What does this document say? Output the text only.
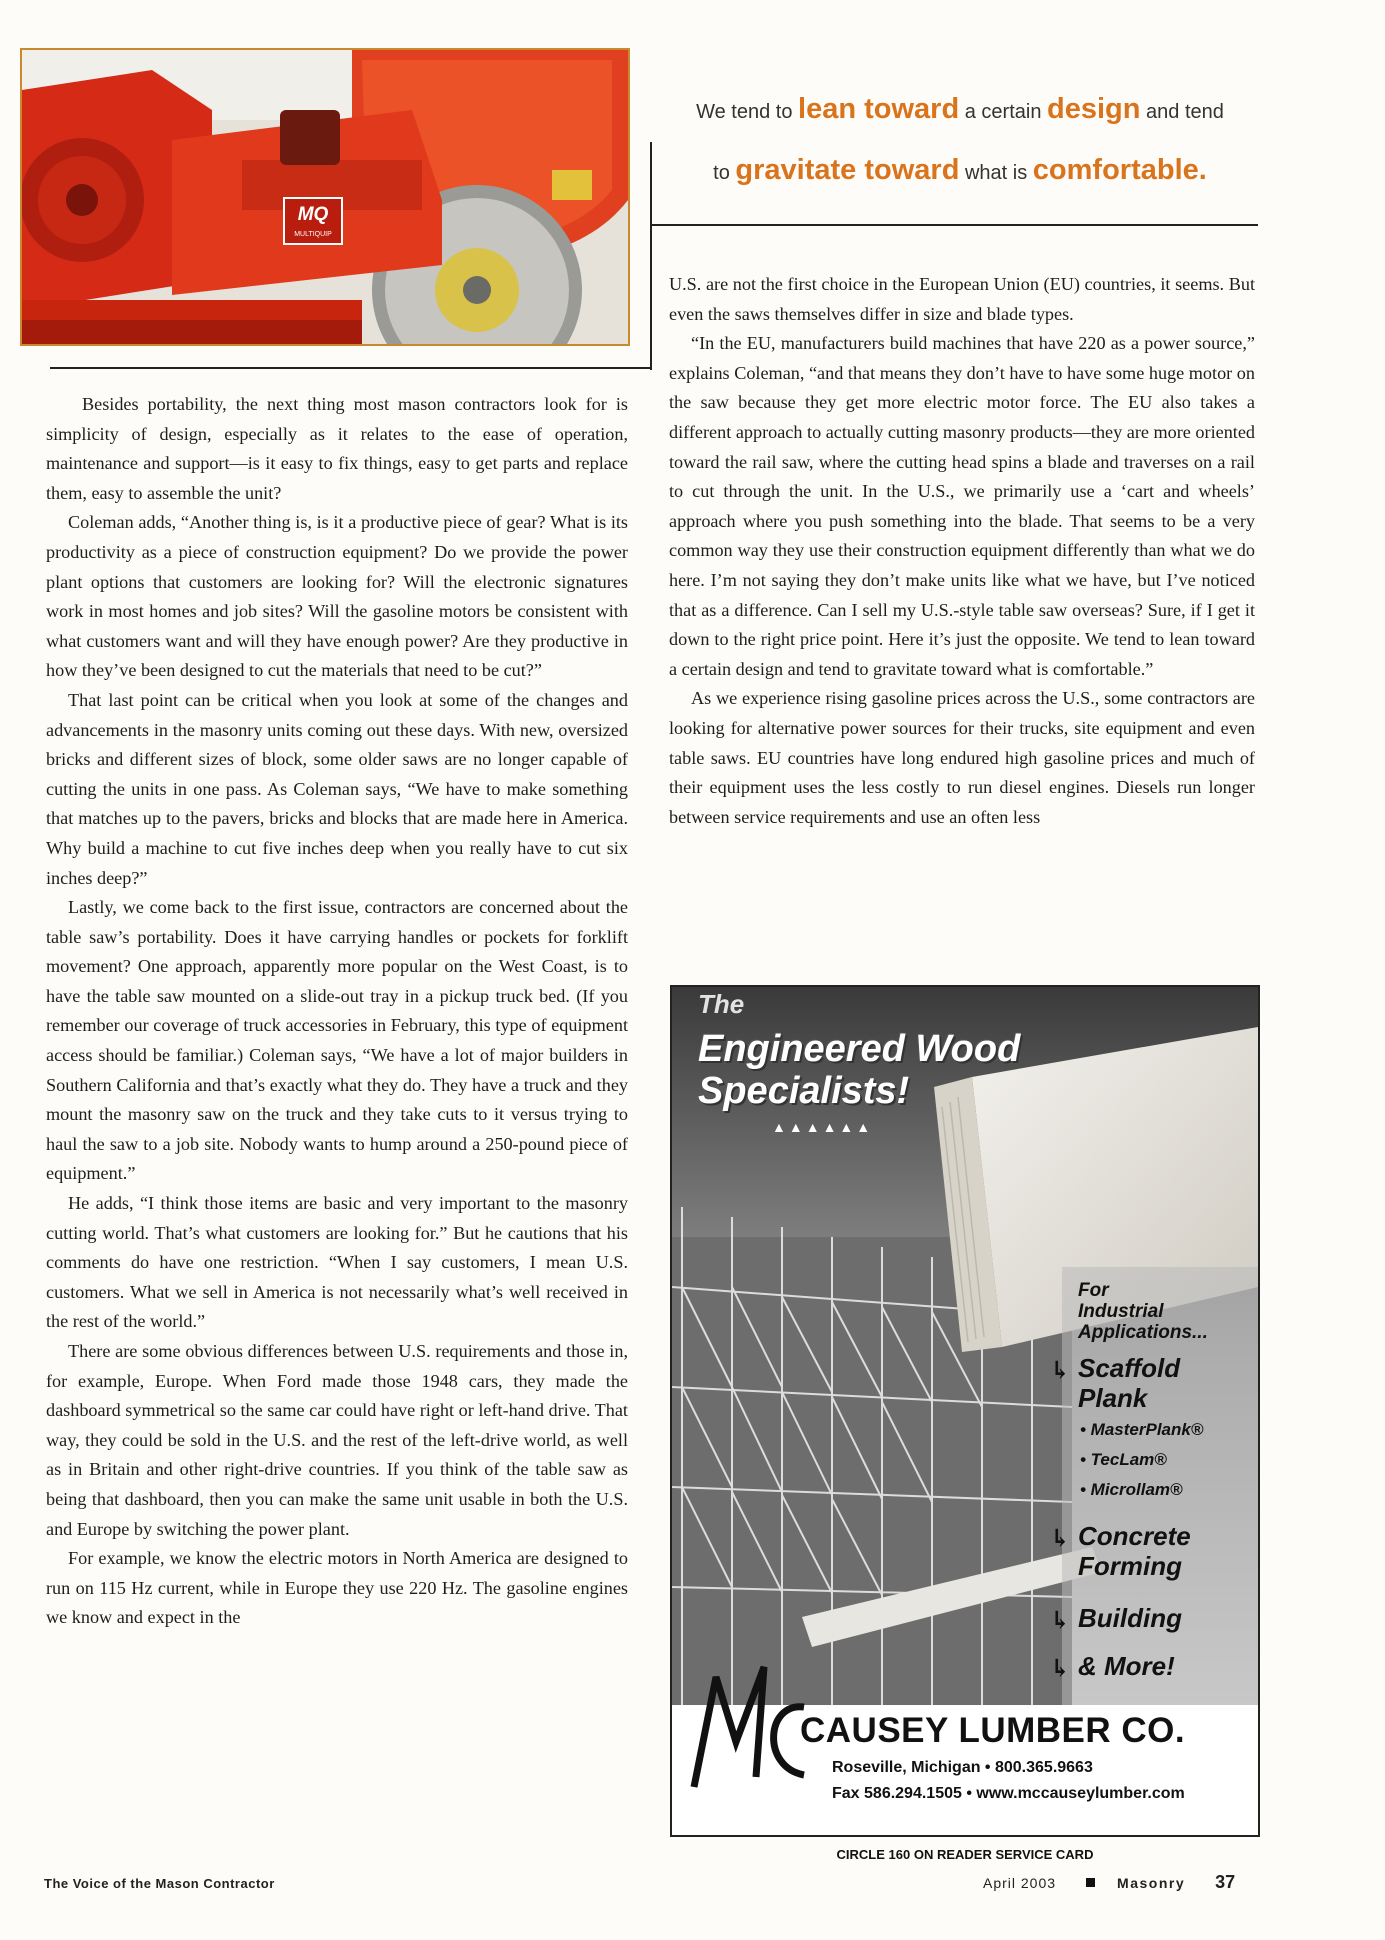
MQ
MULTIQUIP
We tend to lean toward a certain design and tend
to gravitate toward what is comfortable.

Besides portability, the next thing most mason contractors look for is simplicity of design, especially as it relates to the ease of operation, maintenance and support—is it easy to fix things, easy to get parts and replace them, easy to assemble the unit?

Coleman adds, “Another thing is, is it a productive piece of gear? What is its productivity as a piece of construction equipment? Do we provide the power plant options that customers are looking for? Will the electronic signatures work in most homes and job sites? Will the gasoline motors be consistent with what customers want and will they have enough power? Are they productive in how they’ve been designed to cut the materials that need to be cut?”

That last point can be critical when you look at some of the changes and advancements in the masonry units coming out these days. With new, oversized bricks and different sizes of block, some older saws are no longer capable of cutting the units in one pass. As Coleman says, “We have to make something that matches up to the pavers, bricks and blocks that are made here in America. Why build a machine to cut five inches deep when you really have to cut six inches deep?”

Lastly, we come back to the first issue, contractors are concerned about the table saw’s portability. Does it have carrying handles or pockets for forklift movement? One approach, apparently more popular on the West Coast, is to have the table saw mounted on a slide-out tray in a pickup truck bed. (If you remember our coverage of truck accessories in February, this type of equipment access should be familiar.) Coleman says, “We have a lot of major builders in Southern California and that’s exactly what they do. They have a truck and they mount the masonry saw on the truck and they take cuts to it versus trying to haul the saw to a job site. Nobody wants to hump around a 250-pound piece of equipment.”

He adds, “I think those items are basic and very important to the masonry cutting world. That’s what customers are looking for.” But he cautions that his comments do have one restriction. “When I say customers, I mean U.S. customers. What we sell in America is not necessarily what’s well received in the rest of the world.”

There are some obvious differences between U.S. requirements and those in, for example, Europe. When Ford made those 1948 cars, they made the dashboard symmetrical so the same car could have right or left-hand drive. That way, they could be sold in the U.S. and the rest of the left-drive world, as well as in Britain and other right-drive countries. If you think of the table saw as being that dashboard, then you can make the same unit usable in both the U.S. and Europe by switching the power plant.

For example, we know the electric motors in North America are designed to run on 115 Hz current, while in Europe they use 220 Hz. The gasoline engines we know and expect in the

U.S. are not the first choice in the European Union (EU) countries, it seems. But even the saws themselves differ in size and blade types.

“In the EU, manufacturers build machines that have 220 as a power source,” explains Coleman, “and that means they don’t have to have some huge motor on the saw because they get more electric motor force. The EU also takes a different approach to actually cutting masonry products—they are more oriented toward the rail saw, where the cutting head spins a blade and traverses on a rail to cut through the unit. In the U.S., we primarily use a ‘cart and wheels’ approach where you push something into the blade. That seems to be a very common way they use their construction equipment differently than what we do here. I’m not saying they don’t make units like what we have, but I’ve noticed that as a difference. Can I sell my U.S.-style table saw overseas? Sure, if I get it down to the right price point. Here it’s just the opposite. We tend to lean toward a certain design and tend to gravitate toward what is comfortable.”

As we experience rising gasoline prices across the U.S., some contractors are looking for alternative power sources for their trucks, site equipment and even table saws. EU countries have long endured high gasoline prices and much of their equipment uses the less costly to run diesel engines. Diesels run longer between service requirements and use an often less

The
Engineered Wood
Specialists!
▲▲▲▲▲▲
For
Industrial
Applications...
↳ Scaffold
Plank
• MasterPlank®
• TecLam®
• Microllam®
↳ Concrete
Forming
↳ Building
↳ & More!
CAUSEY LUMBER CO.
Roseville, Michigan • 800.365.9663
Fax 586.294.1505 • www.mccauseylumber.com
CIRCLE 160 ON READER SERVICE CARD
The Voice of the Mason Contractor	April 2003	Masonry 37
